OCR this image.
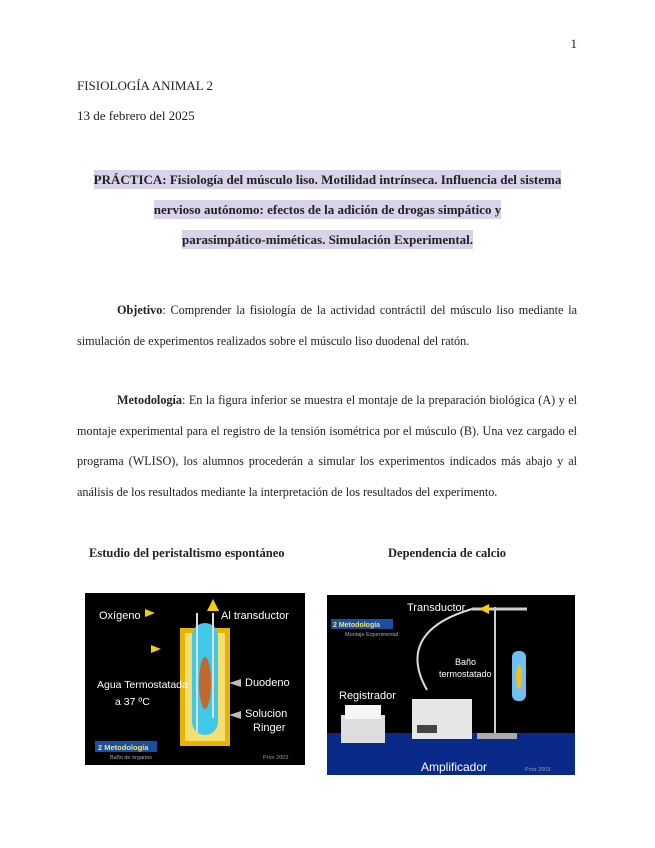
1
FISIOLOGÍA ANIMAL 2
13 de febrero del 2025
PRÁCTICA: Fisiología del músculo liso. Motilidad intrínseca. Influencia del sistema
nervioso autónomo: efectos de la adición de drogas simpático y
parasimpático-miméticas. Simulación Experimental.
Objetivo: Comprender la fisiología de la actividad contráctil del músculo liso mediante la simulación de experimentos realizados sobre el músculo liso duodenal del ratón.
Metodología: En la figura inferior se muestra el montaje de la preparación biológica (A) y el montaje experimental para el registro de la tensión isométrica por el músculo (B). Una vez cargado el programa (WLISO), los alumnos procederán a simular los experimentos indicados más abajo y al análisis de los resultados mediante la interpretación de los resultados del experimento.
Estudio del peristaltismo espontáneo	Dependencia de calcio
Oxígeno	Al transductor
Agua Termostatada
a 37 ºC
Duodeno
Solucion
Ringer
2 Metodología
Baño de órganos	Prior 2003
Transductor
2 Metodología
Montaje Experimental
Baño
termostatado
Registrador
Amplificador	Prior 2003
